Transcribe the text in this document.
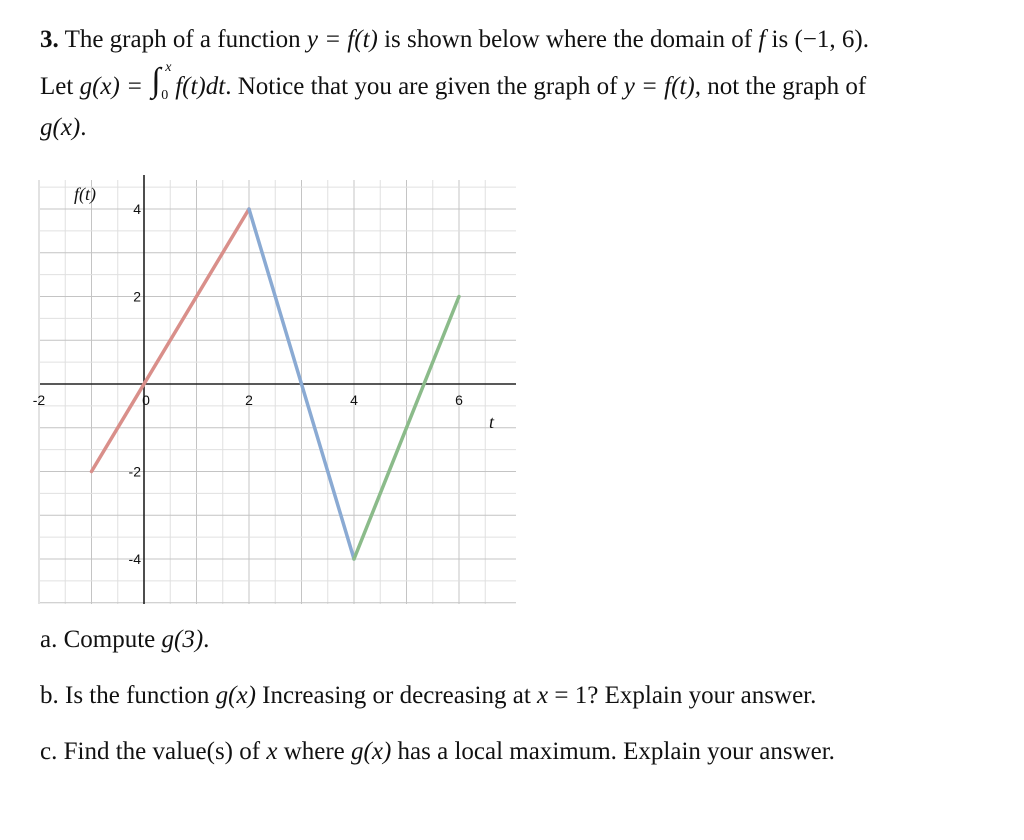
3. The graph of a function y = f(t) is shown below where the domain of f is (−1, 6).
Let g(x) = ∫ x
0 f(t)dt. Notice that you are given the graph of y = f(t), not the graph of
g(x).
-2	0	2	4	6
4
2
-2
-4
f(t)
t
a. Compute g(3).
b. Is the function g(x) Increasing or decreasing at x = 1? Explain your answer.
c. Find the value(s) of x where g(x) has a local maximum. Explain your answer.
